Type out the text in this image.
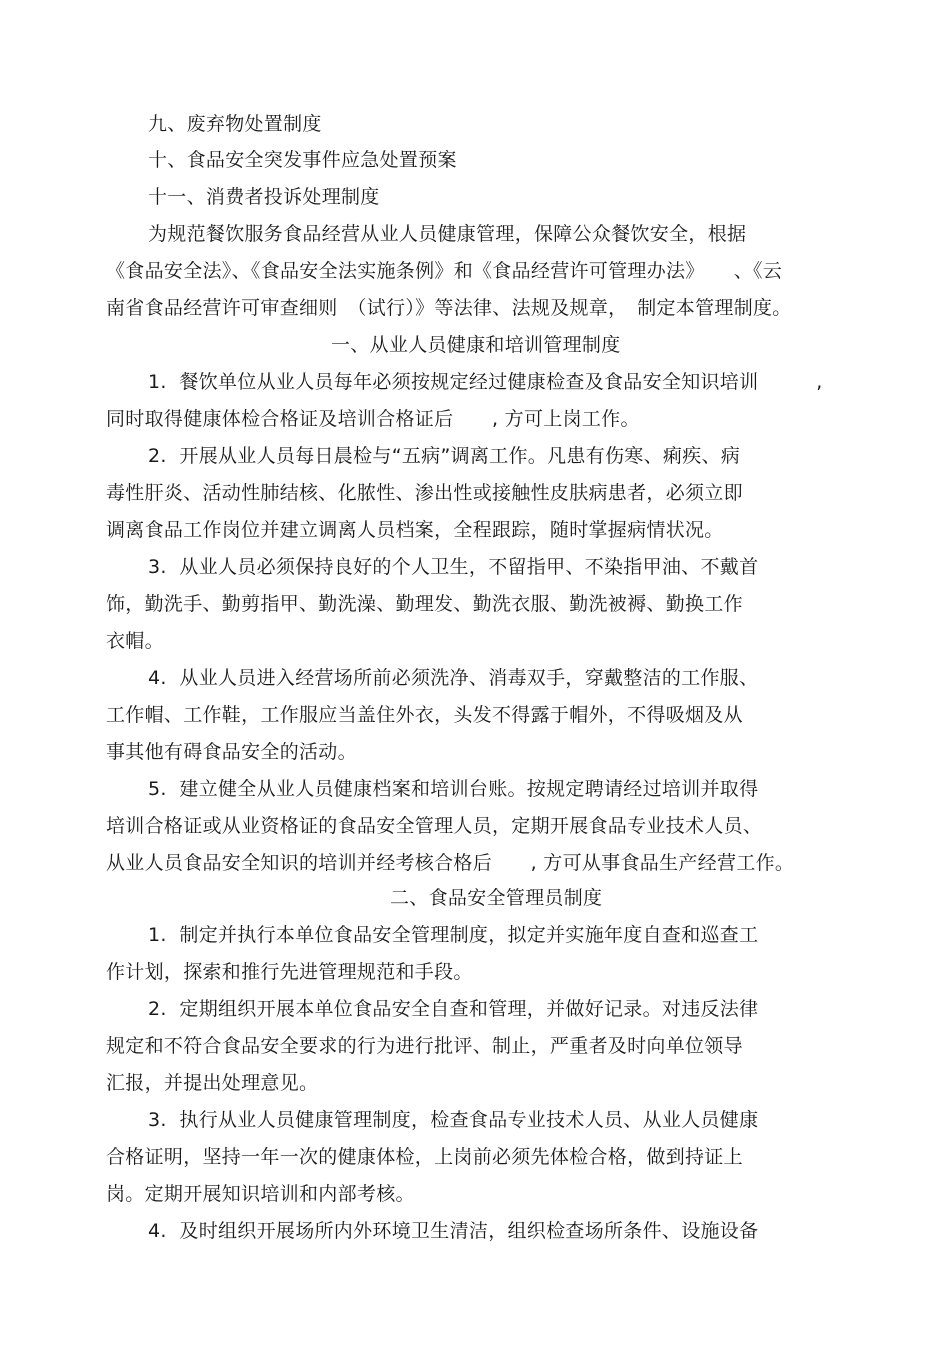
九、废弃物处置制度
十、食品安全突发事件应急处置预案
十一、消费者投诉处理制度
为规范餐饮服务食品经营从业人员健康管理，保障公众餐饮安全，根据
《食品安全法》、《食品安全法实施条例》和《食品经营许可管理办法》　　、《云
南省食品经营许可审查细则　（试行）》等法律、法规及规章，　制定本管理制度。
一、从业人员健康和培训管理制度
1.  餐饮单位从业人员每年必须按规定经过健康检查及食品安全知识培训　　　,
同时取得健康体检合格证及培训合格证后　　, 方可上岗工作。
2.  开展从业人员每日晨检与“五病”调离工作。凡患有伤寒、痢疾、病
毒性肝炎、活动性肺结核、化脓性、渗出性或接触性皮肤病患者，必须立即
调离食品工作岗位并建立调离人员档案，全程跟踪，随时掌握病情状况。
3.  从业人员必须保持良好的个人卫生，不留指甲、不染指甲油、不戴首
饰，勤洗手、勤剪指甲、勤洗澡、勤理发、勤洗衣服、勤洗被褥、勤换工作
衣帽。
4.  从业人员进入经营场所前必须洗净、消毒双手，穿戴整洁的工作服、
工作帽、工作鞋，工作服应当盖住外衣，头发不得露于帽外，不得吸烟及从
事其他有碍食品安全的活动。
5.  建立健全从业人员健康档案和培训台账。按规定聘请经过培训并取得
培训合格证或从业资格证的食品安全管理人员，定期开展食品专业技术人员、
从业人员食品安全知识的培训并经考核合格后　　, 方可从事食品生产经营工作。
二、食品安全管理员制度
1.  制定并执行本单位食品安全管理制度，拟定并实施年度自查和巡查工
作计划，探索和推行先进管理规范和手段。
2.  定期组织开展本单位食品安全自查和管理，并做好记录。对违反法律
规定和不符合食品安全要求的行为进行批评、制止，严重者及时向单位领导
汇报，并提出处理意见。
3.  执行从业人员健康管理制度，检查食品专业技术人员、从业人员健康
合格证明，坚持一年一次的健康体检，上岗前必须先体检合格，做到持证上
岗。定期开展知识培训和内部考核。
4.  及时组织开展场所内外环境卫生清洁，组织检查场所条件、设施设备
